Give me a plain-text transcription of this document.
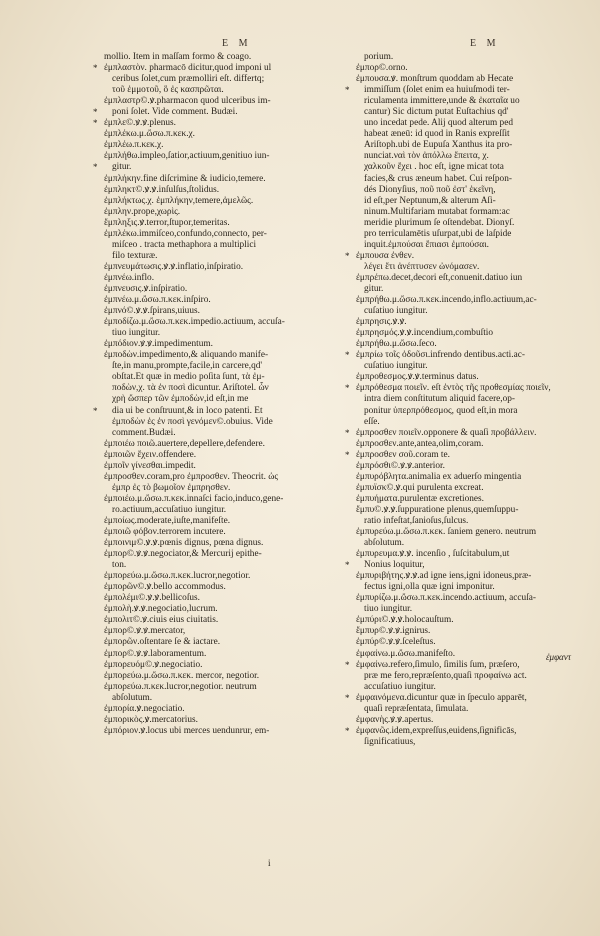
E M	E M
mollio. Item in maſſam formo & coago.
* ἐμπλαστὸν. pharmacō dicitur,quod imponi ul
ceribus ſolet,cum præmolliri eſt. differtq;
τοῦ ἐμμοτοῦ, ὃ ἐς κασπρῶται.
ἐμπλαστρ©.ꝟ.pharmacon quod ulceribus im-
* poni ſolet. Vide comment. Budæi.
* ἐμπλε©.ꝟ.ꝟ.plenus.
ἐμπλέκω.μ.ὤσω.π.κεκ.χ.
ἐμπλέω.π.κεκ.χ.
ἐμπλήθω.impleo,ſatior,actiuum,genitiuo iun-
* gitur.
ἐμπλήκην.fine diſcrimine & iudicio,temere.
ἐμπληκτ©.ꝟ.ꝟ.inſulſus,ſtolidus.
ἐμπλήκτως.χ. ἐμπλήκην,temere,ἀμελῶς.
ἐμπλην.prope,χωρὶς.
ἔμπληξις.ꝟ.terror,ſtupor,temeritas.
ἐμπλέκω.immiſceo,confundo,connecto, per-
miſceo . tracta methaphora a multiplici
filo texturæ.
ἐμπνευμάτωσις.ꝟ.ꝟ.inflatio,inſpiratio.
ἐμπνέω.inflo.
ἐμπνευσις.ꝟ.inſpiratio.
ἐμπνέω.μ.ὤσω.π.κεκ.inſpiro.
ἐμπνό©.ꝟ.ꝟ.ſpirans,uiuus.
ἐμποδίζω.μ.ὤσω.π.κεκ.impedio.actiuum, accuſa-
tiuo iungitur.
ἐμπόδιον.ꝟ.ꝟ.impedimentum.
ἐμποδὼν.impedimento,& aliquando manife-
ſte,in manu,prompte,facile,in carcere,qd'
obſtat.Et quæ in medio poſita ſunt, τὰ ἐμ-
ποδὼν,χ. τὰ ἐν ποσὶ dicuntur. Ariſtotel. ὧν
χρὴ ὥσπερ τῶν ἐμποδὼν,id eſt,in me
* dia ui be conſtruunt,& in loco patenti. Et
ἐμποδὼν ἐς ἐν ποσὶ γενόμεν©.obuius. Vide
comment.Budæi.
ἐμποιέω ποιῶ.auertere,depellere,defendere.
ἐμποιῶν ἔχειν.offendere.
ἐμποῖν γίνεσθαι.impedit.
ἐμπροσθεν.coram,pro ἐμπροσθεν. Theocrit. ὡς
ἐμπρ ἐς τὸ βωμοῖον ἐμπρησθεν.
ἐμποιέω.μ.ὤσω.π.κεκ.innaſci facio,induco,gene-
ro.actiuum,accuſatiuo iungitur.
ἐμποίως.moderate,iuſte,manifeſte.
ἐμποιῶ φόβον.terrorem incutere.
ἐμποινιμ©.ꝟ.ꝟ.pœnis dignus, pœna dignus.
ἐμπορ©.ꝟ.ꝟ.negociator,& Mercurij epithe-
ton.
ἐμπορεύω.μ.ὤσω.π.κεκ.lucror,negotior.
ἐμπορῶν©.ꝟ.bello accommodus.
ἐμπολέμι©.ꝟ.ꝟ.bellicoſus.
ἐμπολὴ.ꝟ.ꝟ.negociatio,lucrum.
ἐμπολιτ©.ꝟ.ciuis eius ciuitatis.
ἐμπορ©.ꝟ.ꝟ.mercator,
ἐμπορῶν.oſtentare ſe & iactare.
ἐμπορ©.ꝟ.ꝟ.laboramentum.
ἐμπορευόμ©.ꝟ.negociatio.
ἐμπορεύω.μ.ὤσω.π.κεκ. mercor, negotior.
ἐμπορεύω.π.κεκ.lucror,negotior. neutrum
abſolutum.
ἐμπορία.ꝟ.negociatio.
ἐμπορικὸς.ꝟ.mercatorius.
ἐμπόριον.ꝟ.locus ubi merces uendunrur, em-
porium.
ἐμπορ©.orno.
ἐμπουσα.ꝟ. monſtrum quoddam ab Hecate
* immiſſum (ſolet enim ea huiuſmodi ter-
riculamenta immittere,unde & ἐκαταῖα uo
cantur) Sic dictum putat Euſtachius qd'
uno incedat pede. Alij quod alterum ped
habeat æneū: id quod in Ranis expreſſit
Ariſtoph.ubi de Eupuſa Xanthus ita pro-
nunciat.ναὶ τὸν ἀπόλλω ἔπειτα, χ.
χαλκοῦν ἔχει . hoc eſt, igne micat tota
facies,& crus æneum habet. Cui reſpon-
dés Dionyſius, ποῦ ποῦ ἐστ' ἐκεῖνη,
id eſt,per Neptunum,& alterum Aſi-
ninum.Multifariam mutabat formam:ac
meridie plurimum ſe oſtendebat. Dionyſ.
pro terriculamētis uſurpat,ubi de laſpide
inquit.ἐμπούσαι ἔπιασι ἐμπούσαι.
* ἐμπουσα ἐνθεν.
λέγει ἔτι ἀνέπτυσεν ὠνόμασεν.
ἐμπρέπω.decet,decori eſt,conuenit.datiuo iun
gitur.
ἐμπρήθω.μ.ὤσω.π.κεκ.incendo,inflo.actiuum,ac-
cuſatiuo iungitur.
ἐμπρησις.ꝟ.ꝟ.
ἐμπρησμός.ꝟ.ꝟ.incendium,combuſtio
ἐμπρήθω.μ.ὤσω.ſeco.
* ἐμπρίω τοῖς ὀδοῦσι.infrendo dentibus.acti.ac-
cuſatiuo iungitur.
ἐμπροθεσμος.ꝟ.ꝟ.terminus datus.
* ἐμπρόθεσμα ποιεῖν. eſt ἐντὸς τῆς προθεσμίας ποιεῖν,
intra diem conſtitutum aliquid facere,op-
ponitur ὑπερπρόθεσμος, quod eſt,in mora
eſſe.
* ἐμπροσθεν ποιεῖν.opponere & quaſi προβάλλειν.
ἐμπροσθεν.ante,antea,olim,coram.
* ἐμπροσθεν σοῦ.coram te.
ἐμπρόσθι©.ꝟ.ꝟ.anterior.
ἐμπυρόβλητα.animalia ex aduerſo mingentia
ἐμπυϊσκ©.ꝟ.qui purulenta excreat.
ἐμπυήματα.purulentæ excretiones.
ἔμπυ©.ꝟ.ꝟ.ſuppuratione plenus,quemſuppu-
ratio infeſtat,ſanioſus,ſulcus.
ἐμπυρεύω.μ.ὤσω.π.κεκ. ſaniem genero. neutrum
abſolutum.
ἐμπυρευμα.ꝟ.ꝟ. incenſio , ſuſcitabulum,ut
* Nonius loquitur,
ἐμπυριβήτης.ꝟ.ꝟ.ad igne iens,igni idoneus,præ-
fectus igni,olla quæ igni imponitur.
ἐμπυρίζω.μ.ὤσω.π.κεκ.incendo.actiuum, accuſa-
tiuo iungitur.
ἐμπύρι©.ꝟ.ꝟ.holocauſtum.
ἔμπυρ©.ꝟ.ꝟ.ignirus.
ἐμπύρ©.ꝟ.ꝟ.ſceleſtus.
ἐμφαίνω.μ.ὤσω.manifeſto.
* ἐμφαίνω.refero,ſimulo, ſimilis ſum, præſero,
præ me fero,repræſento,quaſi προφαίνω act.
accuſatiuo iungitur.
* ἐμφαινόμενα.dicuntur quæ in ſpeculo apparēt,
quaſi repræſentata, ſimulata.
ἐμφανὴς.ꝟ.ꝟ.apertus.
* ἐμφανῶς.idem,expreſſus,euidens,ſignificās,
ſignificatiuus,
ἐμφαντ
i
